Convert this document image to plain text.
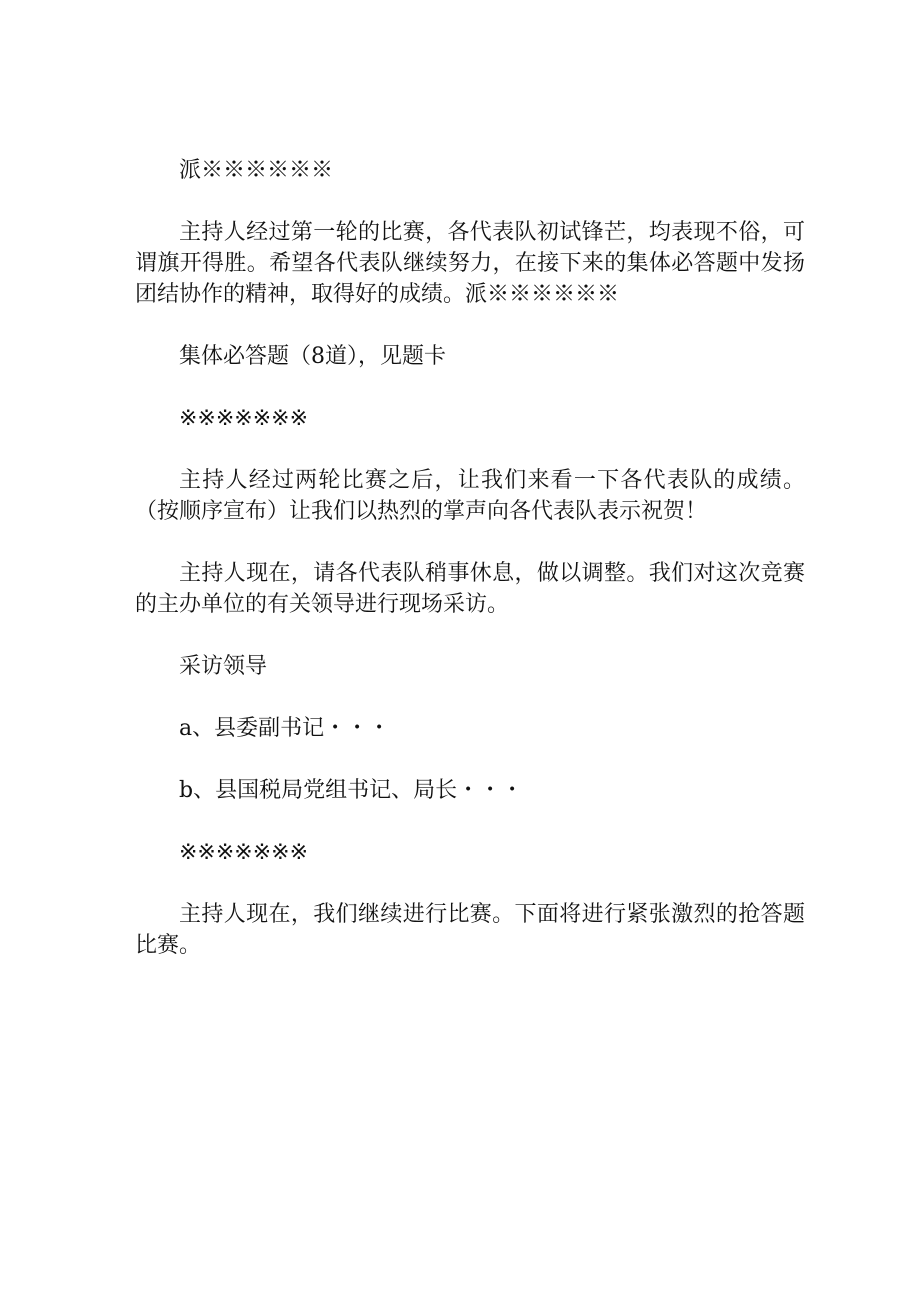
派※※※※※※

主持人经过第一轮的比赛，各代表队初试锋芒，均表现不俗，可谓旗开得胜。希望各代表队继续努力，在接下来的集体必答题中发扬团结协作的精神，取得好的成绩。派※※※※※※

集体必答题（8道），见题卡

※※※※※※※

主持人经过两轮比赛之后，让我们来看一下各代表队的成绩。（按顺序宣布）让我们以热烈的掌声向各代表队表示祝贺！

主持人现在，请各代表队稍事休息，做以调整。我们对这次竞赛的主办单位的有关领导进行现场采访。

采访领导

a、县委副书记・・・

b、县国税局党组书记、局长・・・

※※※※※※※

主持人现在，我们继续进行比赛。下面将进行紧张激烈的抢答题比赛。
